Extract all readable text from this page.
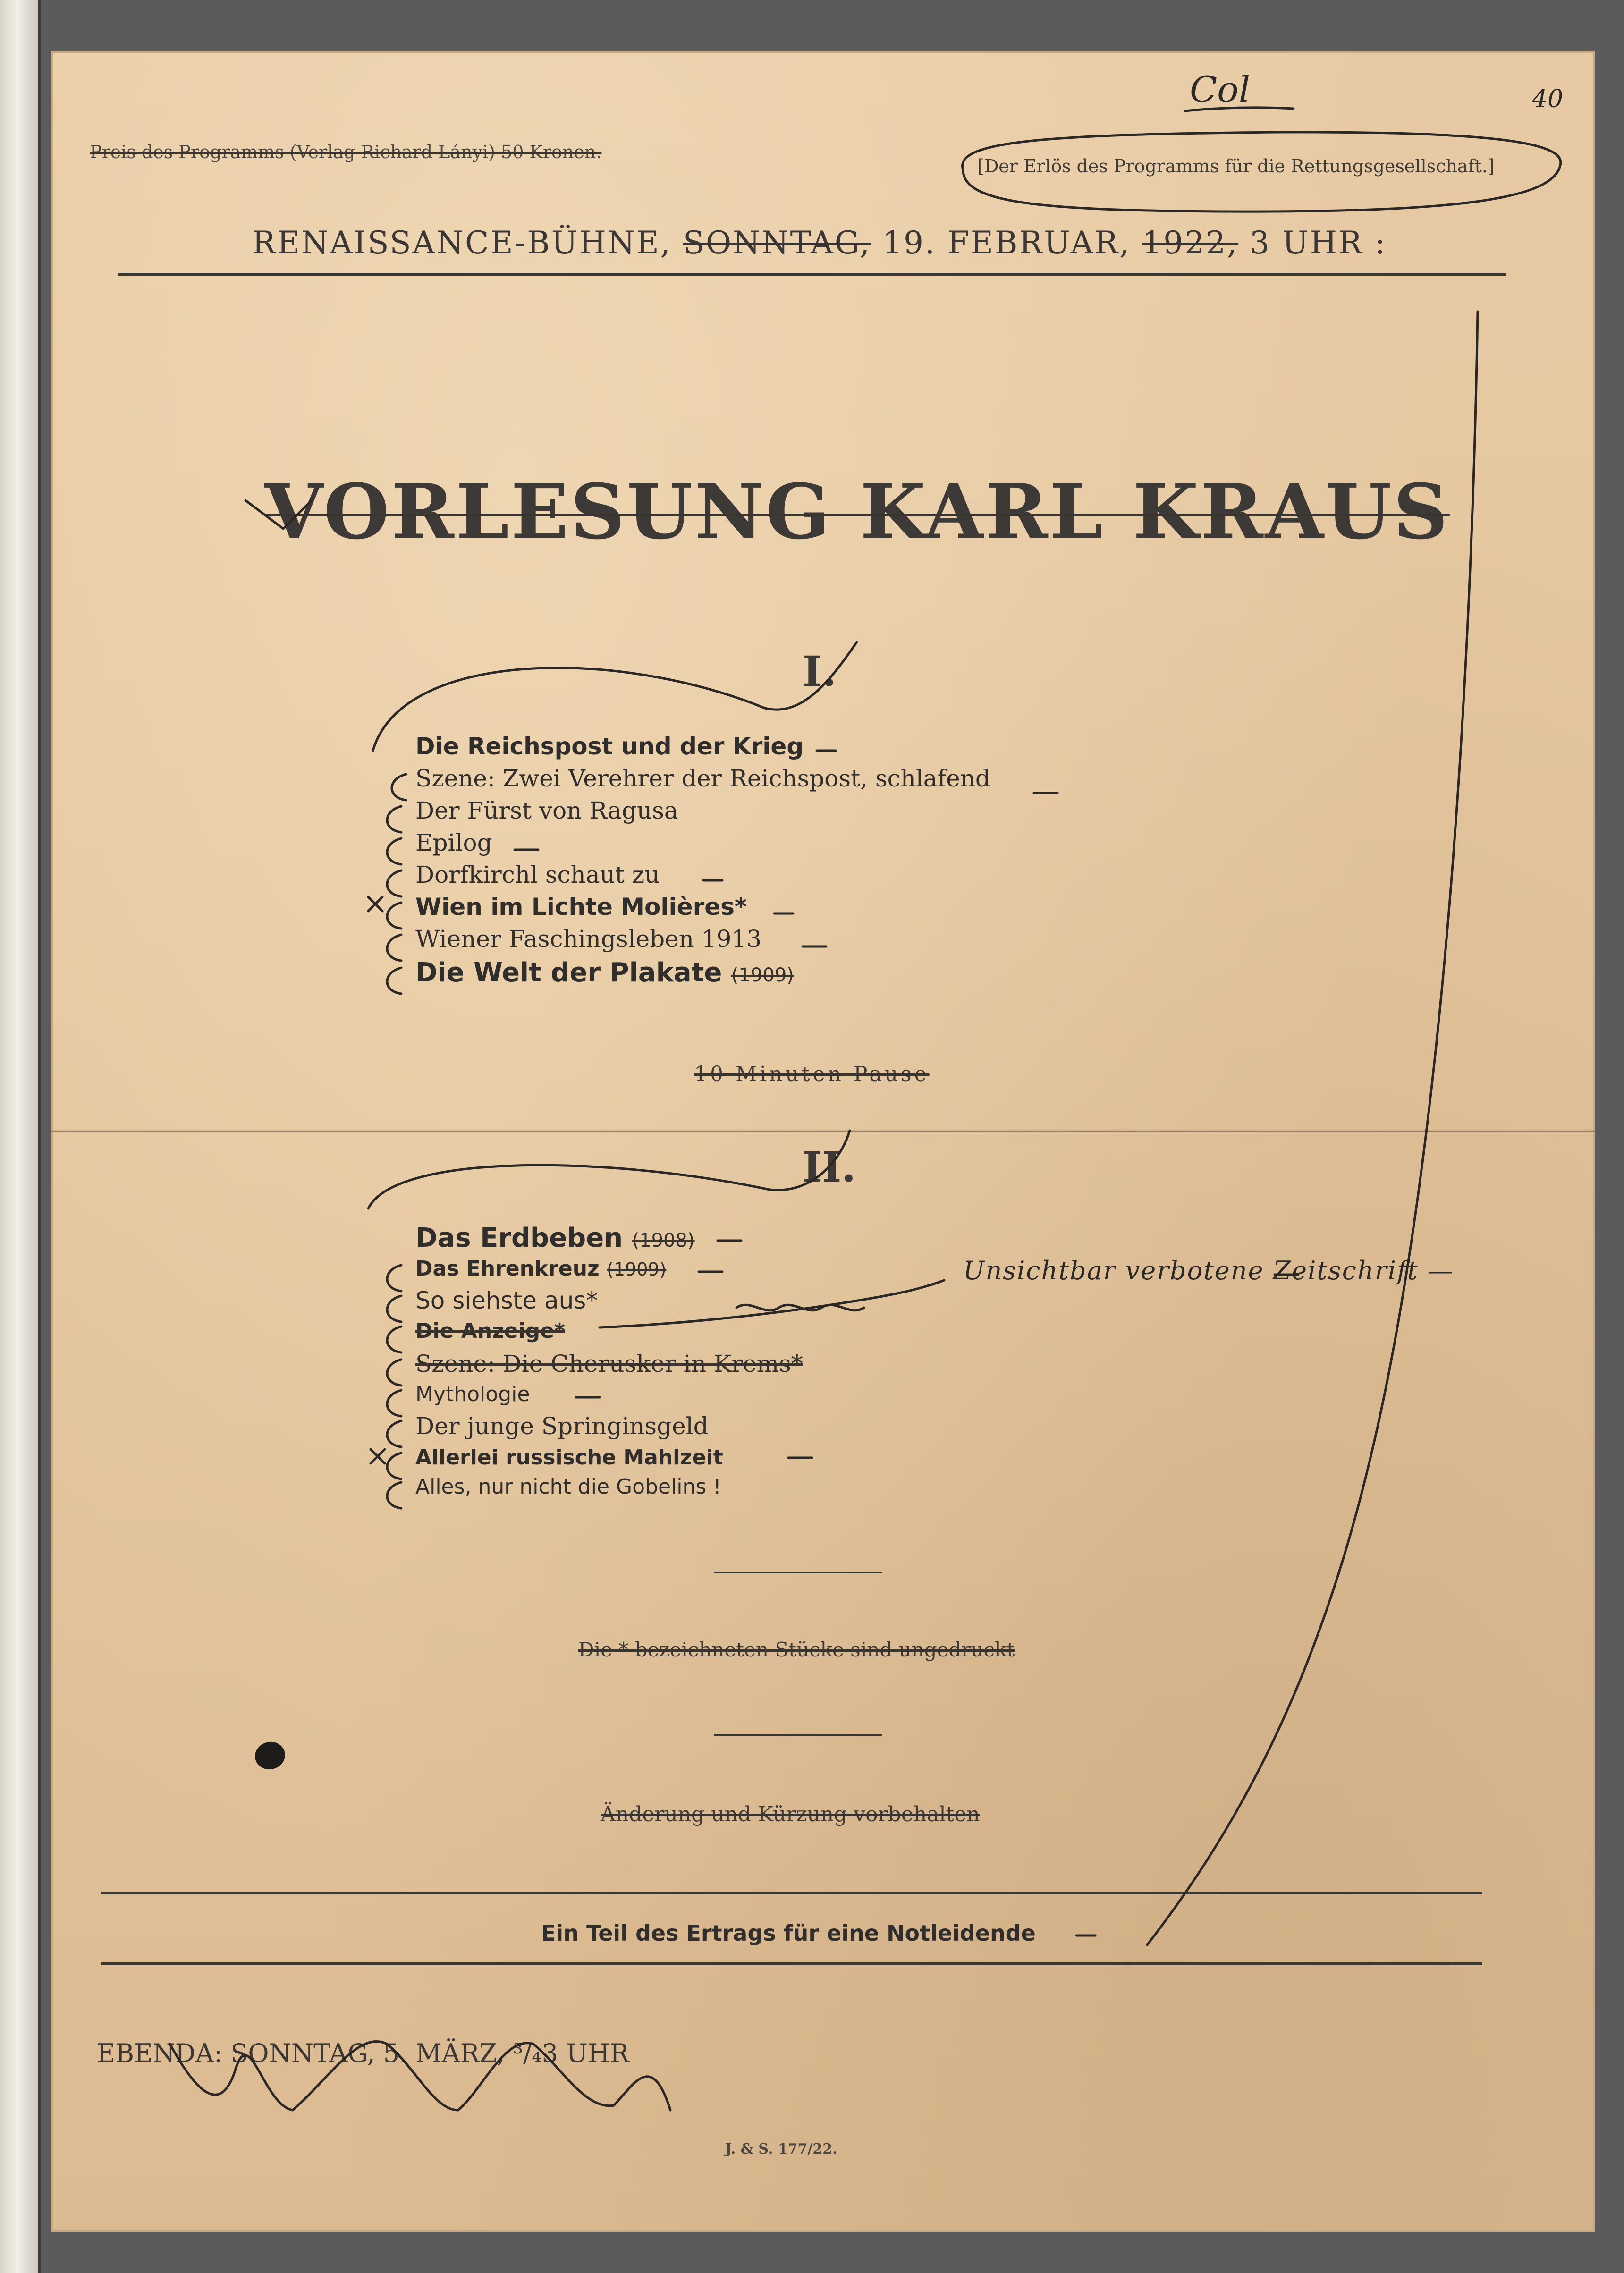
Preis des Programms (Verlag Richard Lányi) 50 Kronen.
[Der Erlös des Programms für die Rettungsgesellschaft.]
Col	40
RENAISSANCE-BÜHNE, SONNTAG, 19. FEBRUAR, 1922, 3 UHR :
VORLESUNG KARL KRAUS
I.
Die Reichspost und der Krieg
Szene: Zwei Verehrer der Reichspost, schlafend
Der Fürst von Ragusa
Epilog
Dorfkirchl schaut zu
Wien im Lichte Molières*
Wiener Faschingsleben 1913
Die Welt der Plakate (1909)
10 Minuten Pause
II.
Das Erdbeben (1908)
Das Ehrenkreuz (1909)
So siehste aus*
Die Anzeige*
Szene: Die Cherusker in Krems*
Mythologie
Der junge Springinsgeld
Allerlei russische Mahlzeit
Alles, nur nicht die Gobelins !
Unsichtbar verbotene Zeitschrift —
Die * bezeichneten Stücke sind ungedruckt
Änderung und Kürzung vorbehalten
Ein Teil des Ertrags für eine Notleidende
EBENDA: SONNTAG, 5. MÄRZ, ³/₄3 UHR
J. & S. 177/22.
